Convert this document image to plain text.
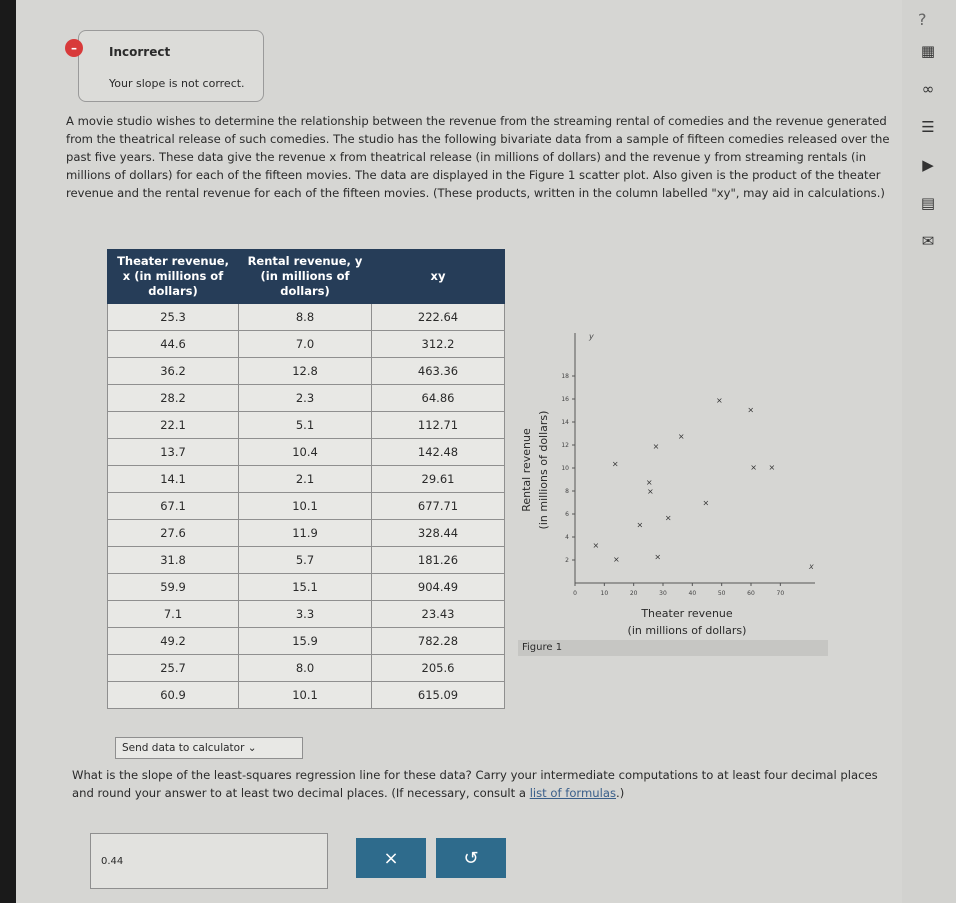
?
▦
∞
☰
▶
▤
✉
–	Incorrect
Your slope is not correct.
A movie studio wishes to determine the relationship between the revenue from the streaming rental of comedies and the revenue generated from the theatrical release of such comedies. The studio has the following bivariate data from a sample of fifteen comedies released over the past five years. These data give the revenue x from theatrical release (in millions of dollars) and the revenue y from streaming rentals (in millions of dollars) for each of the fifteen movies. The data are displayed in the Figure 1 scatter plot. Also given is the product of the theater revenue and the rental revenue for each of the fifteen movies. (These products, written in the column labelled "xy", may aid in calculations.)
Theater revenue, x (in millions of dollars)	Rental revenue, y (in millions of dollars)	xy
25.3	8.8	222.64
44.6	7.0	312.2
36.2	12.8	463.36
28.2	2.3	64.86
22.1	5.1	112.71
13.7	10.4	142.48
14.1	2.1	29.61
67.1	10.1	677.71
27.6	11.9	328.44
31.8	5.7	181.26
59.9	15.1	904.49
7.1	3.3	23.43
49.2	15.9	782.28
25.7	8.0	205.6
60.9	10.1	615.09
Send data to calculator ⌄
x
y
0	10	20	30	40	50	60	70
2
4
6
8
10
12
14
16
18
×
×
×
×
×
×
×
×
×
×
×
×
×
×
×
Theater revenue
(in millions of dollars)
Rental revenue (in millions of dollars)
Figure 1
What is the slope of the least-squares regression line for these data? Carry your intermediate computations to at least four decimal places and round your answer to at least two decimal places. (If necessary, consult a list of formulas.)
0.44	×	↺
